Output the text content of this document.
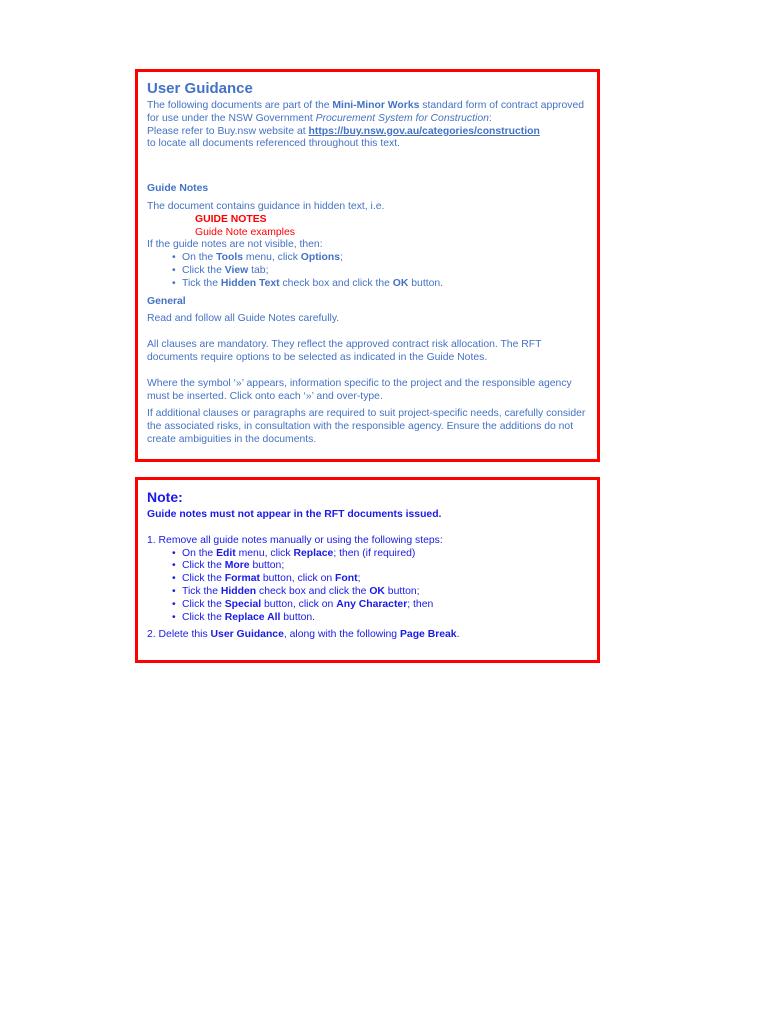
User Guidance

The following documents are part of the Mini-Minor Works standard form of contract approved for use under the NSW Government Procurement System for Construction:
Please refer to Buy.nsw website at https://buy.nsw.gov.au/categories/construction
to locate all documents referenced throughout this text.

Guide Notes

The document contains guidance in hidden text, i.e.

GUIDE NOTES

Guide Note examples

If the guide notes are not visible, then:

• On the Tools menu, click Options;
• Click the View tab;
• Tick the Hidden Text check box and click the OK button.

General

Read and follow all Guide Notes carefully.

All clauses are mandatory. They reflect the approved contract risk allocation. The RFT documents require options to be selected as indicated in the Guide Notes.

Where the symbol ‘»’ appears, information specific to the project and the responsible agency must be inserted. Click onto each ‘»’ and over-type.

If additional clauses or paragraphs are required to suit project-specific needs, carefully consider the associated risks, in consultation with the responsible agency. Ensure the additions do not create ambiguities in the documents.

Note:

Guide notes must not appear in the RFT documents issued.

1. Remove all guide notes manually or using the following steps:

• On the Edit menu, click Replace; then (if required)
• Click the More button;
• Click the Format button, click on Font;
• Tick the Hidden check box and click the OK button;
• Click the Special button, click on Any Character; then
• Click the Replace All button.

2. Delete this User Guidance, along with the following Page Break.
